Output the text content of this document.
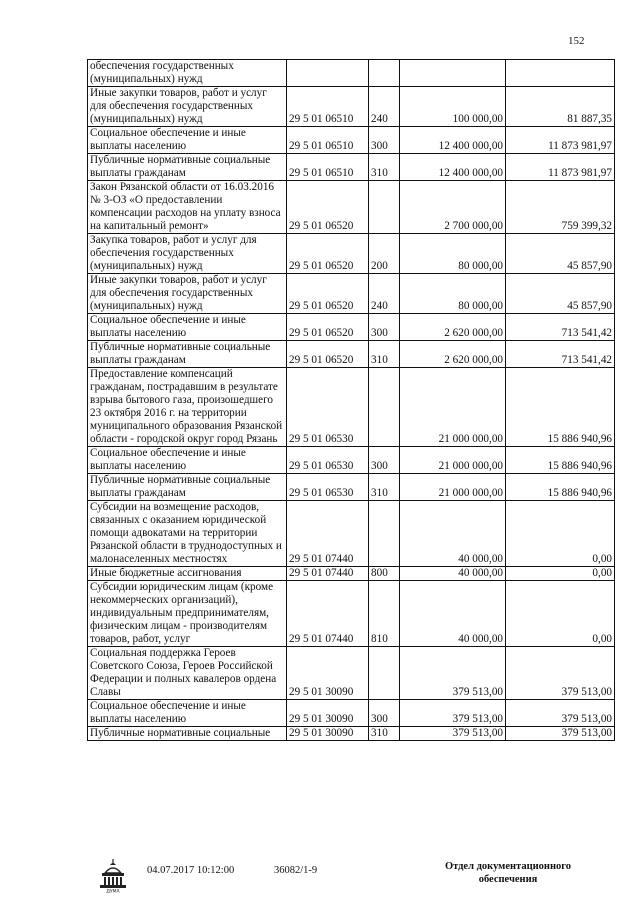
152
обеспечения государственных (муниципальных) нужд				
Иные закупки товаров, работ и услуг для обеспечения государственных (муниципальных) нужд	29 5 01 06510	240	100 000,00	81 887,35
Социальное обеспечение и иные выплаты населению	29 5 01 06510	300	12 400 000,00	11 873 981,97
Публичные нормативные социальные выплаты гражданам	29 5 01 06510	310	12 400 000,00	11 873 981,97
Закон Рязанской области от 16.03.2016 № 3-ОЗ «О предоставлении компенсации расходов на уплату взноса на капитальный ремонт»	29 5 01 06520		2 700 000,00	759 399,32
Закупка товаров, работ и услуг для обеспечения государственных (муниципальных) нужд	29 5 01 06520	200	80 000,00	45 857,90
Иные закупки товаров, работ и услуг для обеспечения государственных (муниципальных) нужд	29 5 01 06520	240	80 000,00	45 857,90
Социальное обеспечение и иные выплаты населению	29 5 01 06520	300	2 620 000,00	713 541,42
Публичные нормативные социальные выплаты гражданам	29 5 01 06520	310	2 620 000,00	713 541,42
Предоставление компенсаций гражданам, пострадавшим в результате взрыва бытового газа, произошедшего 23 октября 2016 г. на территории муниципального образования Рязанской области - городской округ город Рязань	29 5 01 06530		21 000 000,00	15 886 940,96
Социальное обеспечение и иные выплаты населению	29 5 01 06530	300	21 000 000,00	15 886 940,96
Публичные нормативные социальные выплаты гражданам	29 5 01 06530	310	21 000 000,00	15 886 940,96
Субсидии на возмещение расходов, связанных с оказанием юридической помощи адвокатами на территории Рязанской области в труднодоступных и малонаселенных местностях	29 5 01 07440		40 000,00	0,00
Иные бюджетные ассигнования	29 5 01 07440	800	40 000,00	0,00
Субсидии юридическим лицам (кроме некоммерческих организаций), индивидуальным предпринимателям, физическим лицам - производителям товаров, работ, услуг	29 5 01 07440	810	40 000,00	0,00
Социальная поддержка Героев Советского Союза, Героев Российской Федерации и полных кавалеров ордена Славы	29 5 01 30090		379 513,00	379 513,00
Социальное обеспечение и иные выплаты населению	29 5 01 30090	300	379 513,00	379 513,00
Публичные нормативные социальные	29 5 01 30090	310	379 513,00	379 513,00
ДУМА
04.07.2017 10:12:00	36082/1-9	Отдел документационного
обеспечения
